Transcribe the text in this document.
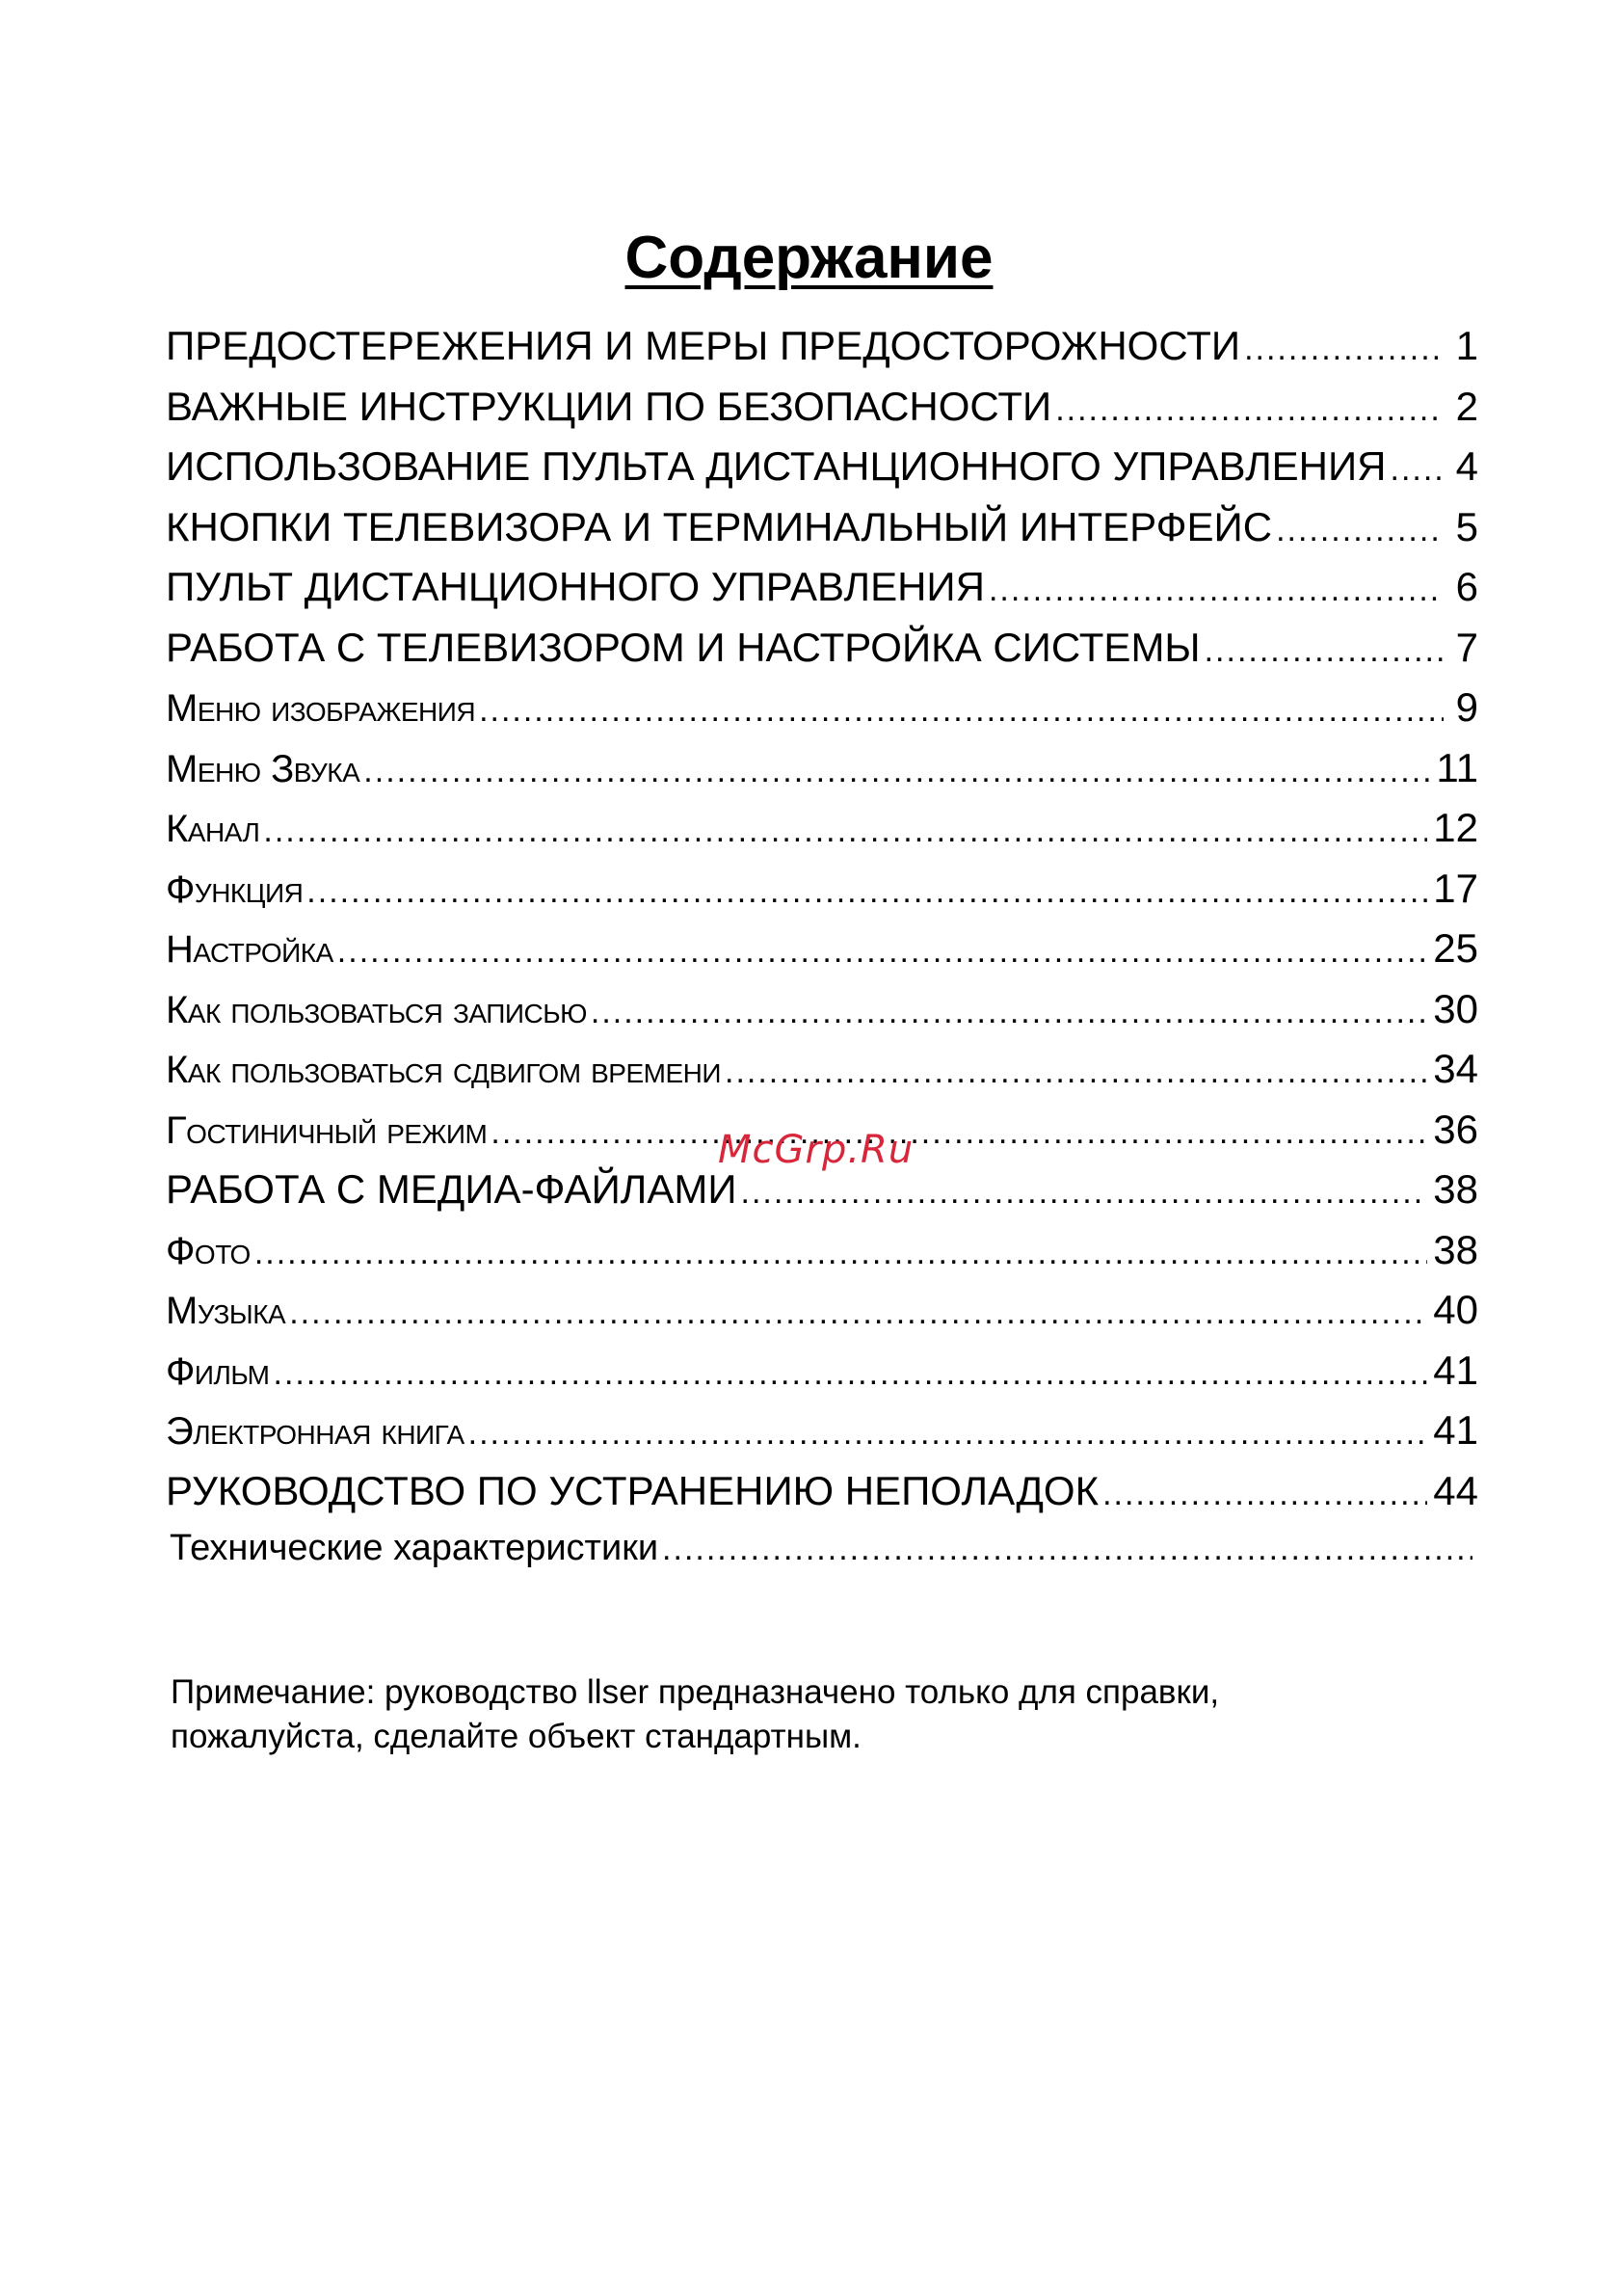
Содержание
ПРЕДОСТЕРЕЖЕНИЯ И МЕРЫ ПРЕДОСТОРОЖНОСТИ .....	1
ВАЖНЫЕ ИНСТРУКЦИИ ПО БЕЗОПАСНОСТИ .....	2
ИСПОЛЬЗОВАНИЕ ПУЛЬТА ДИСТАНЦИОННОГО УПРАВЛЕНИЯ ..... 4
КНОПКИ ТЕЛЕВИЗОРА И ТЕРМИНАЛЬНЫЙ ИНТЕРФЕЙС .....	5
ПУЛЬТ ДИСТАНЦИОННОГО УПРАВЛЕНИЯ .....	6
РАБОТА С ТЕЛЕВИЗОРОМ И НАСТРОЙКА СИСТЕМЫ .....	7
Меню изображения .....	9
Меню Звука .....	11
Канал .....	12
Функция .....	17
Настройка .....	25
Как пользоваться записью .....	30
Как пользоваться сдвигом времени .....	34
Гостиничный режим .....	36
РАБОТА С МЕДИА-ФАЙЛАМИ .....	38
Фото .....	38
Музыка .....	40
Фильм .....	41
Электронная книга .....	41
РУКОВОДСТВО ПО УСТРАНЕНИЮ НЕПОЛАДОК .....	44
Технические характеристики
.....
McGrp.Ru

Примечание: руководство llser предназначено только для справки,

пожалуйста, сделайте объект стандартным.
